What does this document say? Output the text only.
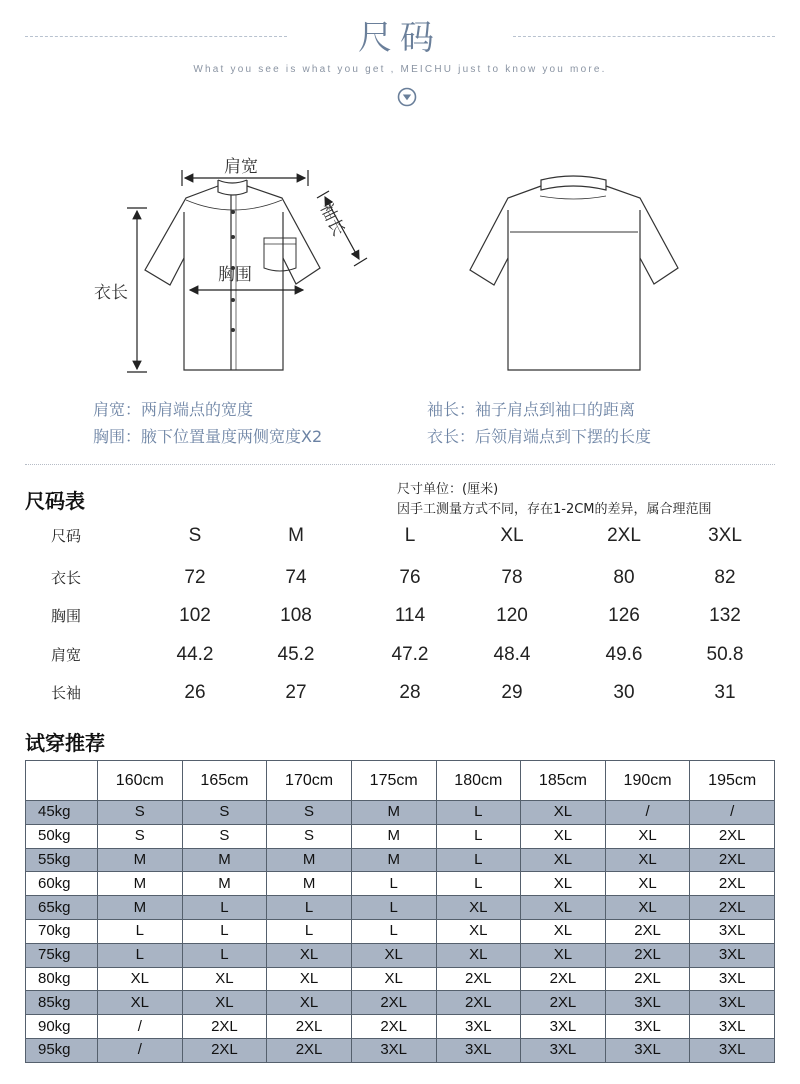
尺码
What you see is what you get , MEICHU just to know you more.
肩宽
胸围
衣长
袖长
肩宽：两肩端点的宽度
胸围：腋下位置量度两侧宽度X2
袖长：袖子肩点到袖口的距离
衣长：后领肩端点到下摆的长度
尺码表	尺寸单位：(厘米)
因手工测量方式不同，存在1-2CM的差异，属合理范围
尺码	S	M	L	XL	2XL	3XL
衣长	72	74	76	78	80	82
胸围	102	108	114	120	126	132
肩宽	44.2	45.2	47.2	48.4	49.6	50.8
长袖	26	27	28	29	30	31
试穿推荐
	160cm	165cm	170cm	175cm	180cm	185cm	190cm	195cm
45kg	S	S	S	M	L	XL	/	/
50kg	S	S	S	M	L	XL	XL	2XL
55kg	M	M	M	M	L	XL	XL	2XL
60kg	M	M	M	L	L	XL	XL	2XL
65kg	M	L	L	L	XL	XL	XL	2XL
70kg	L	L	L	L	XL	XL	2XL	3XL
75kg	L	L	XL	XL	XL	XL	2XL	3XL
80kg	XL	XL	XL	XL	2XL	2XL	2XL	3XL
85kg	XL	XL	XL	2XL	2XL	2XL	3XL	3XL
90kg	/	2XL	2XL	2XL	3XL	3XL	3XL	3XL
95kg	/	2XL	2XL	3XL	3XL	3XL	3XL	3XL
